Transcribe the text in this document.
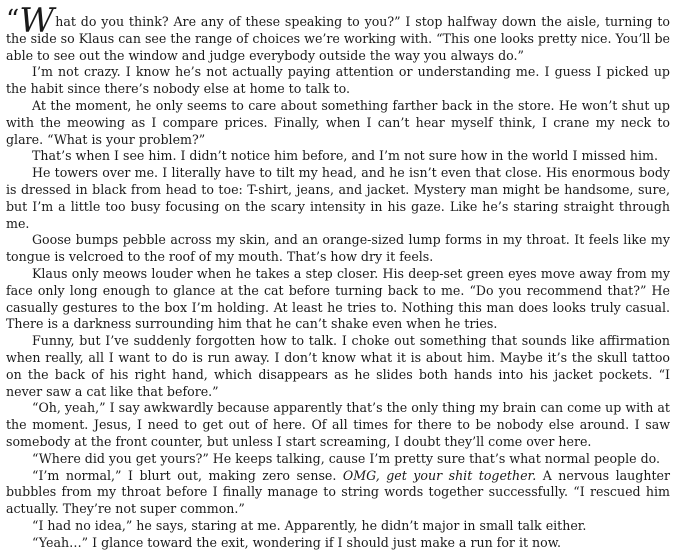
“What do you think? Are any of these speaking to you?” I stop halfway down the aisle, turning to the side so Klaus can see the range of choices we’re working with. “This one looks pretty nice. You’ll be able to see out the window and judge everybody outside the way you always do.”

I’m not crazy. I know he’s not actually paying attention or understanding me. I guess I picked up the habit since there’s nobody else at home to talk to.

At the moment, he only seems to care about something farther back in the store. He won’t shut up with the meowing as I compare prices. Finally, when I can’t hear myself think, I crane my neck to glare. “What is your problem?”

That’s when I see him. I didn’t notice him before, and I’m not sure how in the world I missed him.

He towers over me. I literally have to tilt my head, and he isn’t even that close. His enormous body is dressed in black from head to toe: T-shirt, jeans, and jacket. Mystery man might be handsome, sure, but I’m a little too busy focusing on the scary intensity in his gaze. Like he’s staring straight through me.

Goose bumps pebble across my skin, and an orange-sized lump forms in my throat. It feels like my tongue is velcroed to the roof of my mouth. That’s how dry it feels.

Klaus only meows louder when he takes a step closer. His deep-set green eyes move away from my face only long enough to glance at the cat before turning back to me. “Do you recommend that?” He casually gestures to the box I’m holding. At least he tries to. Nothing this man does looks truly casual. There is a darkness surrounding him that he can’t shake even when he tries.

Funny, but I’ve suddenly forgotten how to talk. I choke out something that sounds like affirmation when really, all I want to do is run away. I don’t know what it is about him. Maybe it’s the skull tattoo on the back of his right hand, which disappears as he slides both hands into his jacket pockets. “I never saw a cat like that before.”

“Oh, yeah,” I say awkwardly because apparently that’s the only thing my brain can come up with at the moment. Jesus, I need to get out of here. Of all times for there to be nobody else around. I saw somebody at the front counter, but unless I start screaming, I doubt they’ll come over here.

“Where did you get yours?” He keeps talking, cause I’m pretty sure that’s what normal people do.

“I’m normal,” I blurt out, making zero sense. OMG, get your shit together. A nervous laughter bubbles from my throat before I finally manage to string words together successfully. “I rescued him actually. They’re not super common.”

“I had no idea,” he says, staring at me. Apparently, he didn’t major in small talk either.

“Yeah…” I glance toward the exit, wondering if I should just make a run for it now.
